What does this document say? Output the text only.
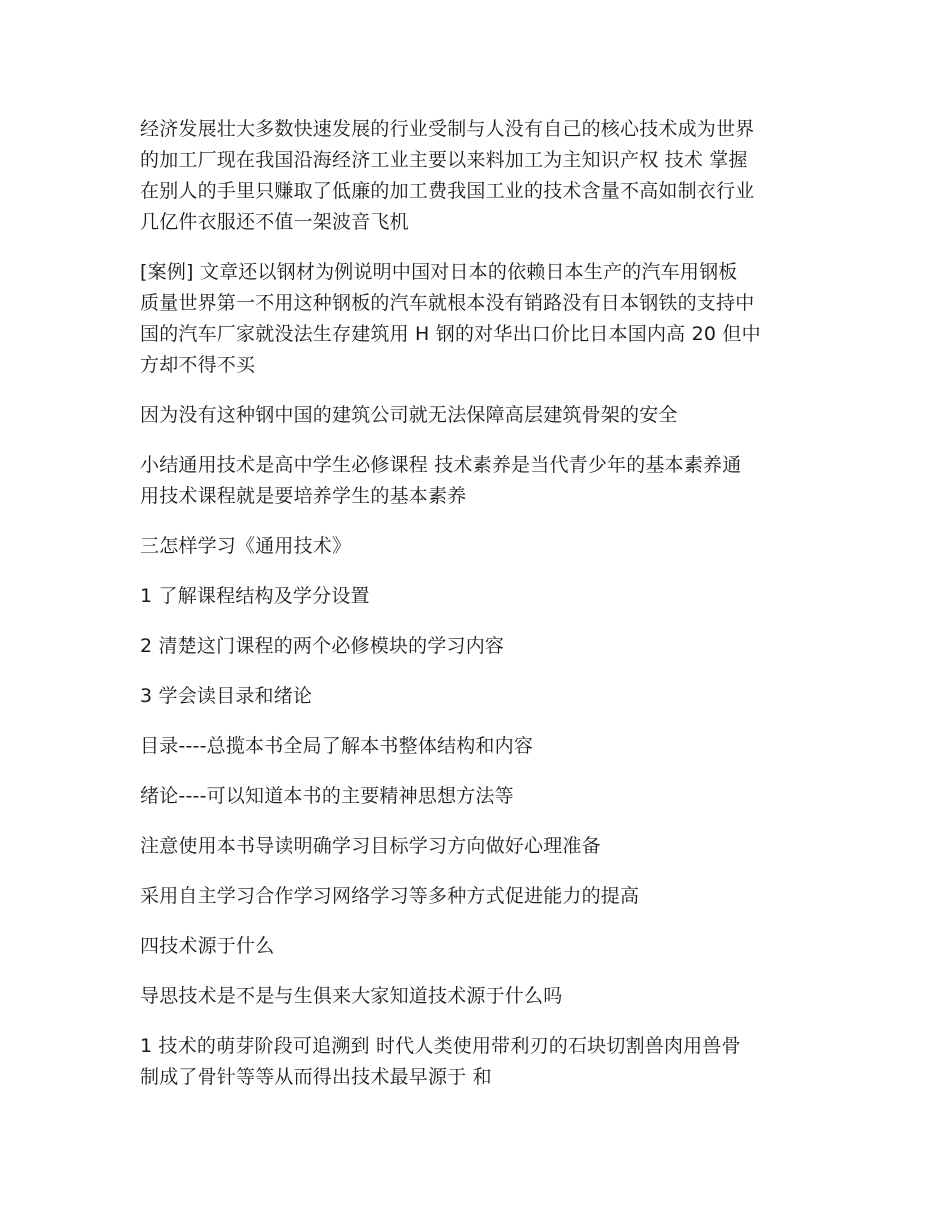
经济发展壮大多数快速发展的行业受制与人没有自己的核心技术成为世界
的加工厂现在我国沿海经济工业主要以来料加工为主知识产权 技术 掌握
在别人的手里只赚取了低廉的加工费我国工业的技术含量不高如制衣行业
几亿件衣服还不值一架波音飞机

[案例] 文章还以钢材为例说明中国对日本的依赖日本生产的汽车用钢板
质量世界第一不用这种钢板的汽车就根本没有销路没有日本钢铁的支持中
国的汽车厂家就没法生存建筑用 H 钢的对华出口价比日本国内高 20 但中
方却不得不买

因为没有这种钢中国的建筑公司就无法保障高层建筑骨架的安全

小结通用技术是高中学生必修课程 技术素养是当代青少年的基本素养通
用技术课程就是要培养学生的基本素养

三怎样学习《通用技术》

1 了解课程结构及学分设置

2 清楚这门课程的两个必修模块的学习内容

3 学会读目录和绪论

目录----总揽本书全局了解本书整体结构和内容

绪论----可以知道本书的主要精神思想方法等

注意使用本书导读明确学习目标学习方向做好心理准备

采用自主学习合作学习网络学习等多种方式促进能力的提高

四技术源于什么

导思技术是不是与生俱来大家知道技术源于什么吗

1 技术的萌芽阶段可追溯到 时代人类使用带利刃的石块切割兽肉用兽骨
制成了骨针等等从而得出技术最早源于 和
